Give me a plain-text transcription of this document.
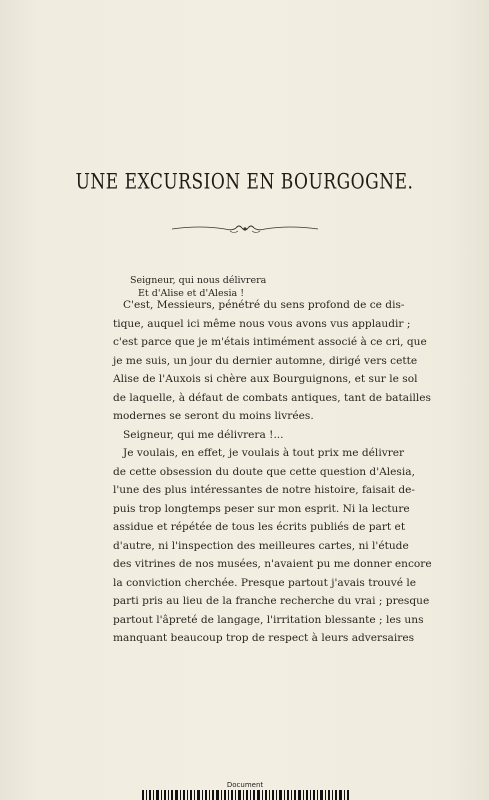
UNE EXCURSION EN BOURGOGNE.
Seigneur, qui nous délivrera
Et d'Alise et d'Alesia !
C'est, Messieurs, pénétré du sens profond de ce dis-
tique, auquel ici même nous vous avons vus applaudir ;
c'est parce que je m'étais intimément associé à ce cri, que
je me suis, un jour du dernier automne, dirigé vers cette
Alise de l'Auxois si chère aux Bourguignons, et sur le sol
de laquelle, à défaut de combats antiques, tant de batailles
modernes se seront du moins livrées.
Seigneur, qui me délivrera !...
Je voulais, en effet, je voulais à tout prix me délivrer
de cette obsession du doute que cette question d'Alesia,
l'une des plus intéressantes de notre histoire, faisait de-
puis trop longtemps peser sur mon esprit. Ni la lecture
assidue et répétée de tous les écrits publiés de part et
d'autre, ni l'inspection des meilleures cartes, ni l'étude
des vitrines de nos musées, n'avaient pu me donner encore
la conviction cherchée. Presque partout j'avais trouvé le
parti pris au lieu de la franche recherche du vrai ; presque
partout l'âpreté de langage, l'irritation blessante ; les uns
manquant beaucoup trop de respect à leurs adversaires
Document
